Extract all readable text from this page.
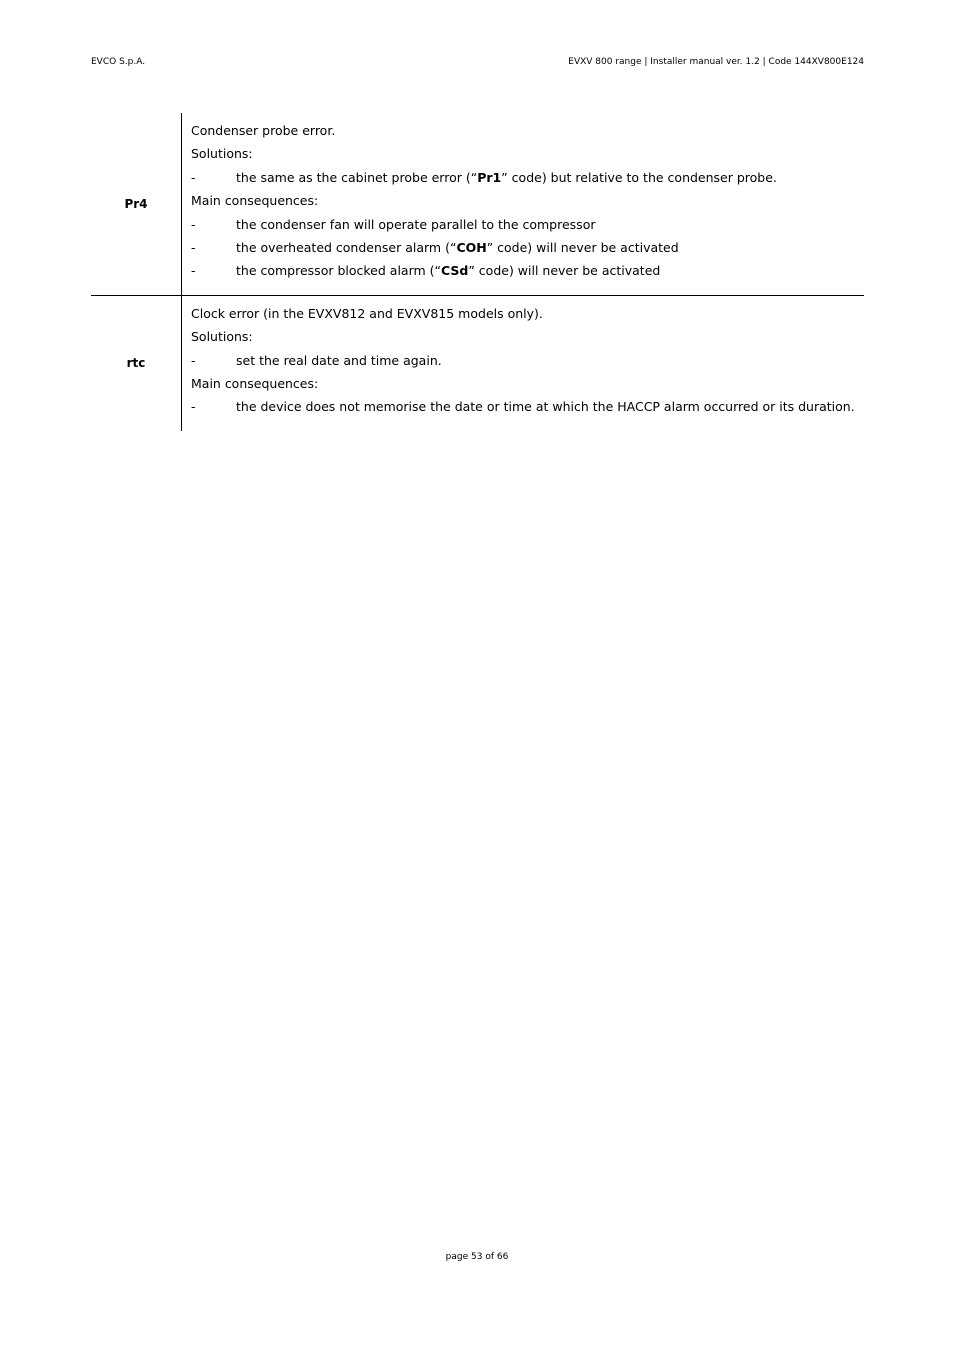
EVCO S.p.A.	EVXV 800 range | Installer manual ver. 1.2 | Code 144XV800E124
Pr4
Condenser probe error.
Solutions:
-	the same as the cabinet probe error (“Pr1” code) but relative to the condenser probe.
Main consequences:
-	the condenser fan will operate parallel to the compressor
-	the overheated condenser alarm (“COH” code) will never be activated
-	the compressor blocked alarm (“CSd” code) will never be activated
rtc
Clock error (in the EVXV812 and EVXV815 models only).
Solutions:
-	set the real date and time again.
Main consequences:
-	the device does not memorise the date or time at which the HACCP alarm occurred or its duration.
page 53 of 66
